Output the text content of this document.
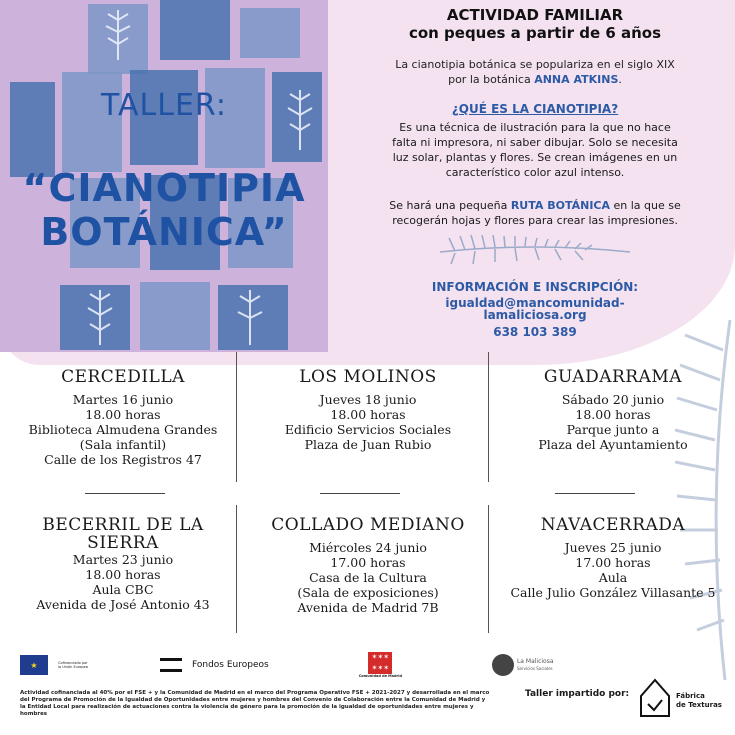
TALLER:
“CIANOTIPIA
BOTÁNICA”
ACTIVIDAD FAMILIAR
con peques a partir de 6 años
La cianotipia botánica se populariza en el siglo XIX
por la botánica ANNA ATKINS.
¿QUÉ ES LA CIANOTIPIA?
Es una técnica de ilustración para la que no hace
falta ni impresora, ni saber dibujar. Solo se necesita
luz solar, plantas y flores. Se crean imágenes en un
característico color azul intenso.
Se hará una pequeña RUTA BOTÁNICA en la que se
recogerán hojas y flores para crear las impresiones.
INFORMACIÓN E INSCRIPCIÓN:
igualdad@mancomunidad-
lamaliciosa.org
638 103 389
CERCEDILLA
Martes 16 junio
18.00 horas
Biblioteca Almudena Grandes
(Sala infantil)
Calle de los Registros 47
LOS MOLINOS
Jueves 18 junio
18.00 horas
Edificio Servicios Sociales
Plaza de Juan Rubio
GUADARRAMA
Sábado 20 junio
18.00 horas
Parque junto a
Plaza del Ayuntamiento
BECERRIL DE LA
SIERRA
Martes 23 junio
18.00 horas
Aula CBC
Avenida de José Antonio 43
COLLADO MEDIANO
Miércoles 24 junio
17.00 horas
Casa de la Cultura
(Sala de exposiciones)
Avenida de Madrid 7B
NAVACERRADA
Jueves 25 junio
17.00 horas
Aula
Calle Julio González Villasante 5
★	Cofinanciado por la Unión Europea	Fondos Europeos
✶✶✶
✶✶✶
Comunidad de Madrid
La Maliciosa
Servicios Sociales
Actividad cofinanciada al 40% por el FSE + y la Comunidad de Madrid en el marco del Programa Operativo FSE + 2021-2027 y desarrollada en el marco del Programa de Promoción de la Igualdad de Oportunidades entre mujeres y hombres del Convenio de Colaboración entre la Comunidad de Madrid y la Entidad Local para realización de actuaciones contra la violencia de género para la promoción de la igualdad de oportunidades entre mujeres y hombres
Taller impartido por:	Fábrica
de Texturas
